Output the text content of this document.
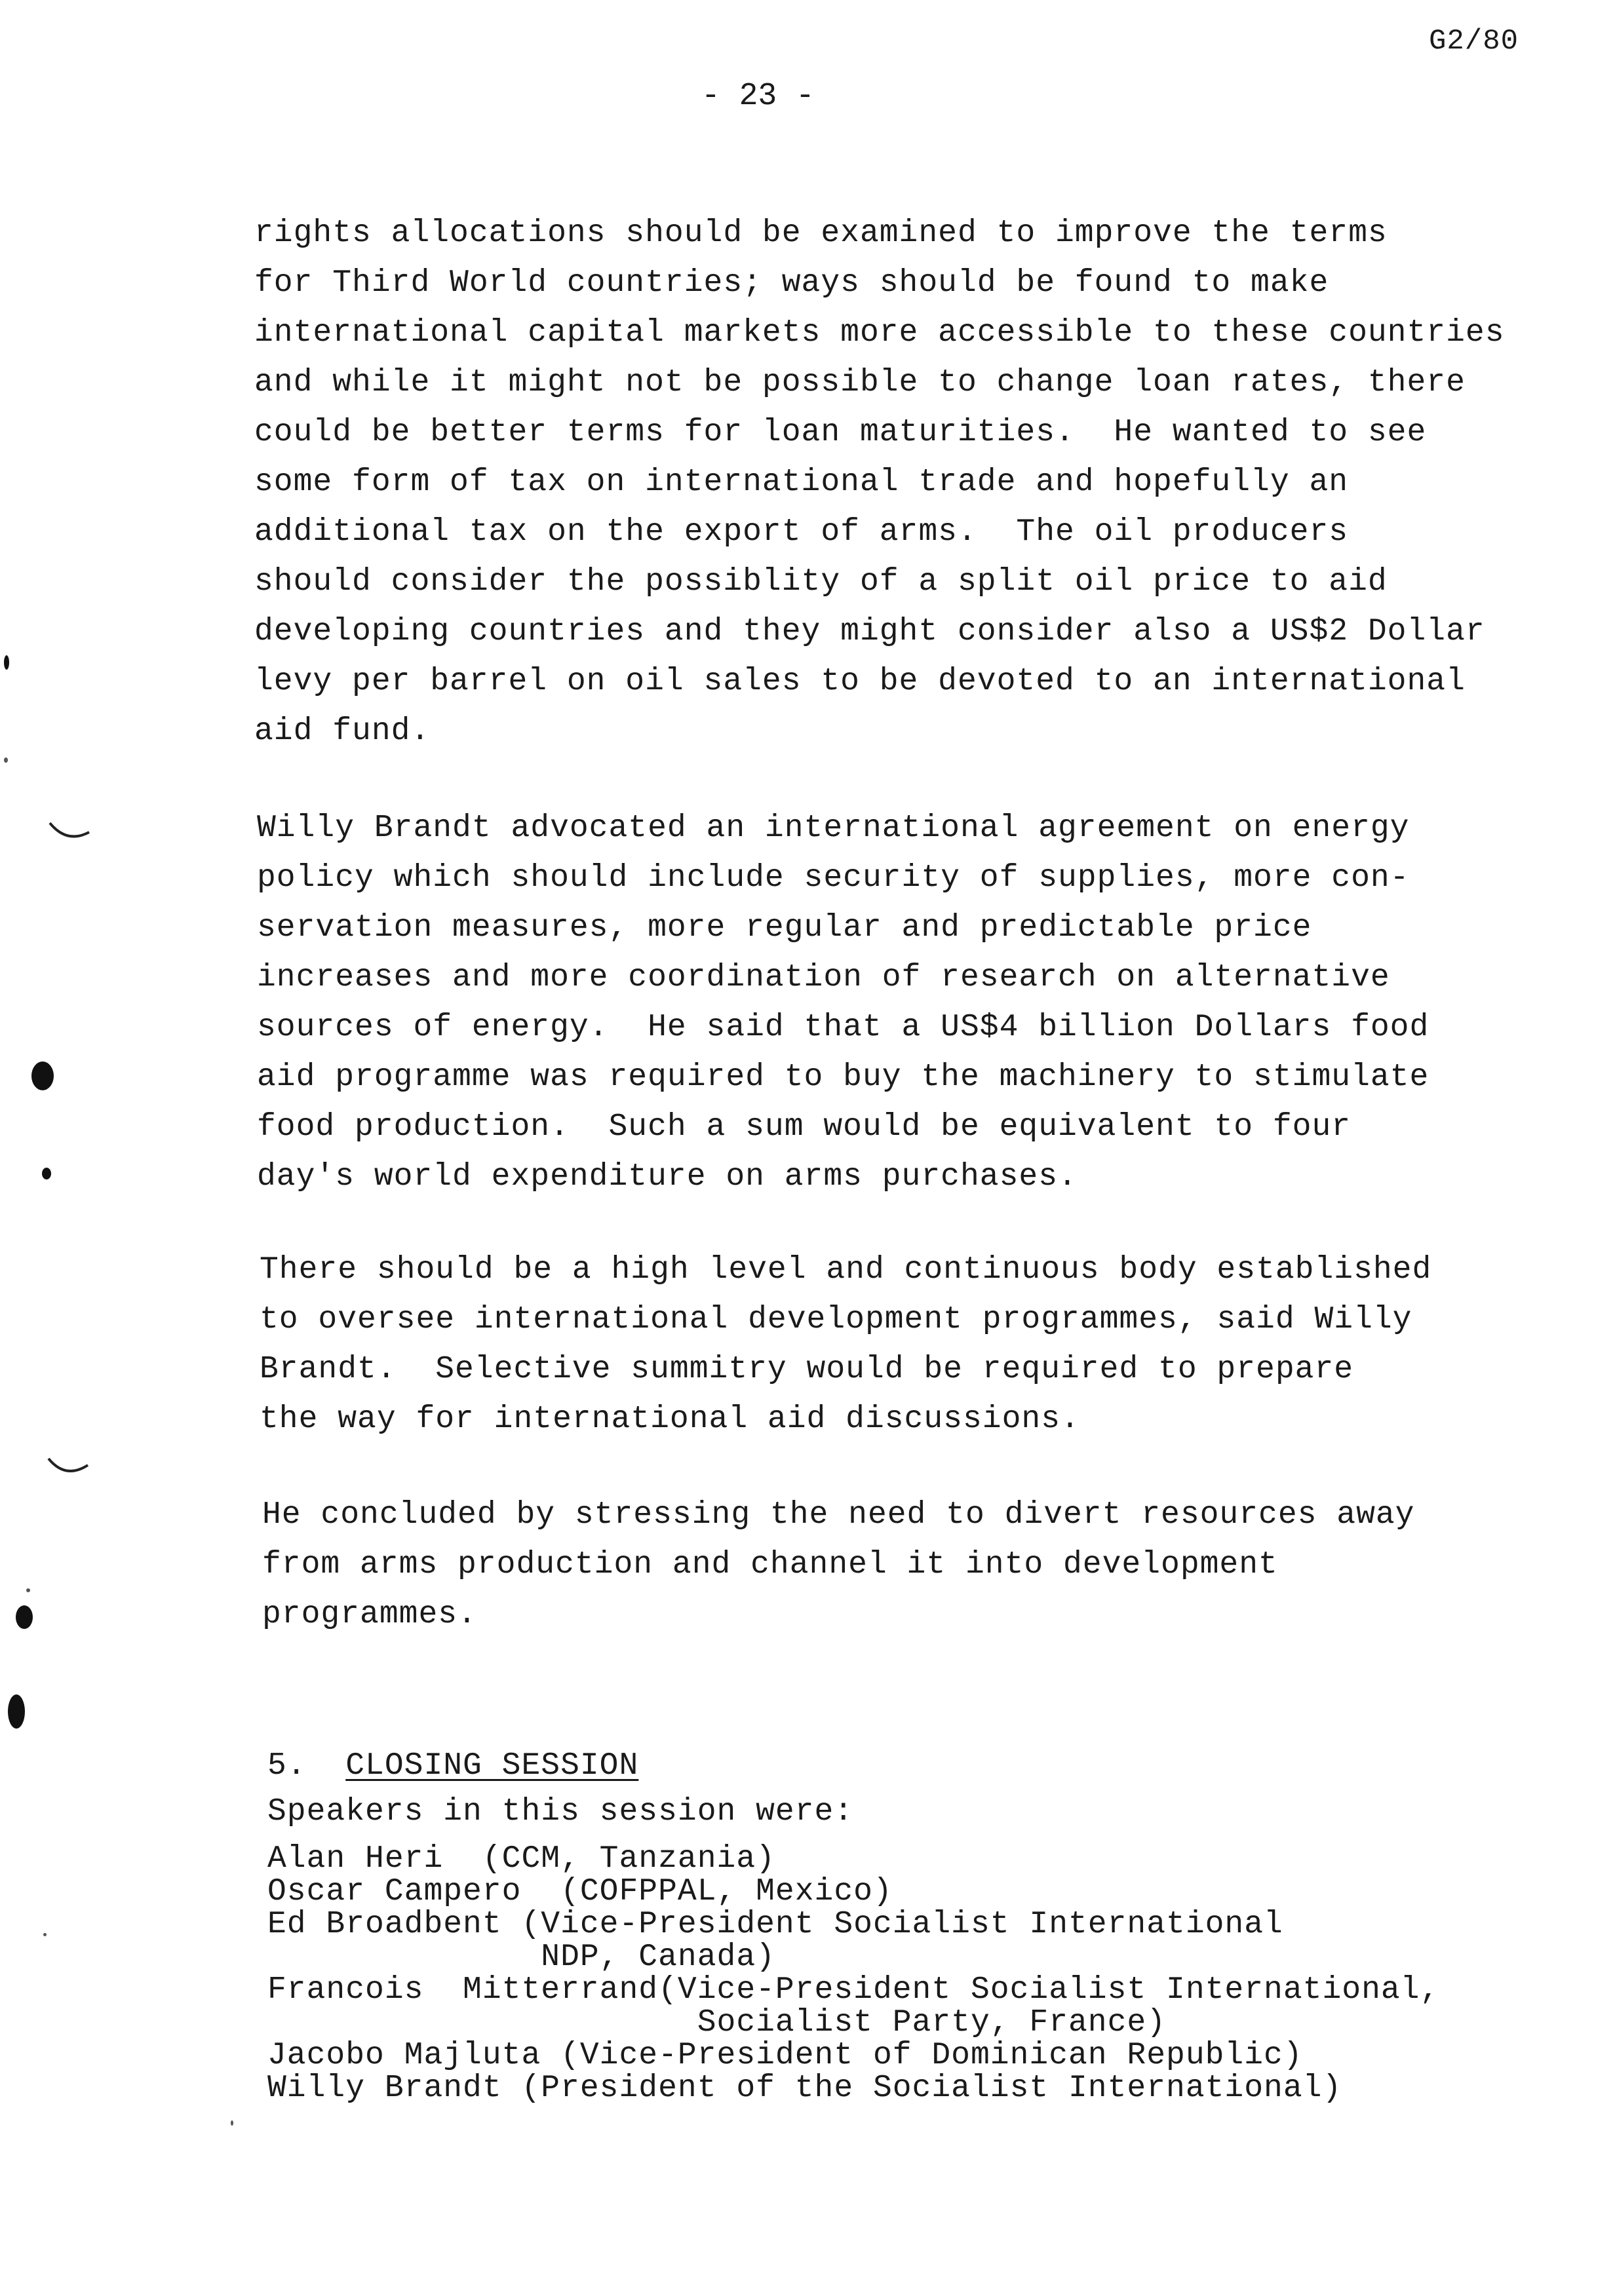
G2/80
- 23 -
rights allocations should be examined to improve the terms
for Third World countries; ways should be found to make
international capital markets more accessible to these countries
and while it might not be possible to change loan rates, there
could be better terms for loan maturities.  He wanted to see
some form of tax on international trade and hopefully an
additional tax on the export of arms.  The oil producers
should consider the possiblity of a split oil price to aid
developing countries and they might consider also a US$2 Dollar
levy per barrel on oil sales to be devoted to an international
aid fund.
Willy Brandt advocated an international agreement on energy
policy which should include security of supplies, more con-
servation measures, more regular and predictable price
increases and more coordination of research on alternative
sources of energy.  He said that a US$4 billion Dollars food
aid programme was required to buy the machinery to stimulate
food production.  Such a sum would be equivalent to four
day's world expenditure on arms purchases.
There should be a high level and continuous body established
to oversee international development programmes, said Willy
Brandt.  Selective summitry would be required to prepare
the way for international aid discussions.
He concluded by stressing the need to divert resources away
from arms production and channel it into development
programmes.
5. CLOSING SESSION
Speakers in this session were:
Alan Heri  (CCM, Tanzania)
Oscar Campero  (COFPPAL, Mexico)
Ed Broadbent (Vice-President Socialist International
NDP, Canada)
Francois  Mitterrand(Vice-President Socialist International,
Socialist Party, France)
Jacobo Majluta (Vice-President of Dominican Republic)
Willy Brandt (President of the Socialist International)
